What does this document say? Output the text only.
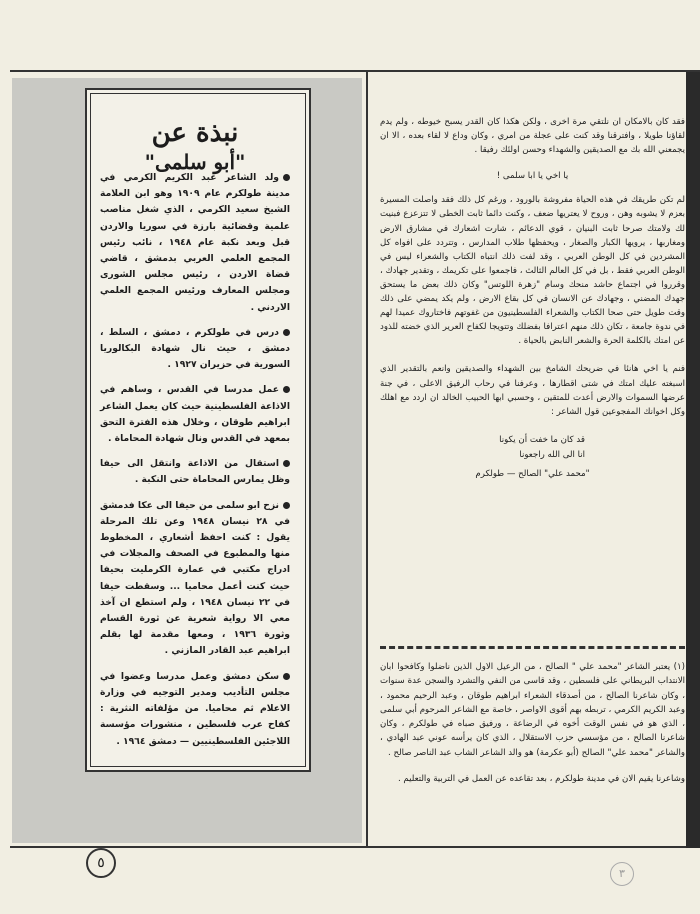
فقد كان بالامكان ان نلتقي مرة اخرى ، ولكن هكذا كان القدر يسبح خيوطه ، ولم يدم لقاؤنا طويلا ، وافترقنا وقد كنت على عجلة من امري ، وكان وداع لا لقاء بعده ، الا ان يجمعني الله بك مع الصديقين والشهداء وحسن اولئك رفيقا .

يا اخي يا ابا سلمى !

لم تكن طريقك في هذه الحياة مفروشة بالورود ، ورغم كل ذلك فقد واصلت المسيرة بعزم لا يشوبه وهن ، وروح لا يعتريها ضعف ، وكنت دائما ثابت الخطى لا تتزعزع فبنيت لك ولامتك صرحا ثابت البنيان ، قوي الدعائم ، شارت اشعارك في مشارق الارض ومغاربها ، يرويها الكبار والصغار ، ويحفظها طلاب المدارس ، وتتردد على افواه كل المشردين في كل الوطن العربي ، وقد لفت ذلك انتباه الكتاب والشعراء ليس في الوطن العربي فقط ، بل في كل العالم الثالث ، فاجمعوا على تكريمك ، وتقدير جهادك ، وقرروا في اجتماع حاشد منحك وسام "زهرة اللوتس" وكان ذلك بعض ما يستحق جهدك المضني ، وجهادك عن الانسان في كل بقاع الارض ، ولم يكد يمضي على ذلك وقت طويل حتى صحا الكتاب والشعراء الفلسطينيون من غفوتهم فاختاروك عميدا لهم في ندوة جامعة ، تكان ذلك منهم اعترافا بفضلك وتتويجا لكفاح العرير الذي خضته للذود عن امتك بالكلمة الحرة والشعر النابض بالحياة .

فنم يا اخي هانئا في ضريحك الشامخ بين الشهداء والصديقين وانعم بالتقدير الذي اسبغته عليك امتك في شتى اقطارها ، وعرفنا في رحاب الرفيق الاعلى ، في جنة عرضها السموات والارض أعدت للمتقين ، وحسبي ابها الحبيب الخالد ان اردد مع اهلك وكل اخوانك المفجوعين قول الشاعر :

قد كان ما خفت أن يكونا

انا الى الله راجعونا

"محمد علي" الصالح — طولكرم

(١) يعتبر الشاعر "محمد علي " الصالح ، من الرعيل الاول الذين ناضلوا وكافحوا ابان الانتداب البريطاني على فلسطين ، وقد قاسى من النفي والتشرد والسجن عدة سنوات ، وكان شاعرنا الصالح ، من أصدقاء الشعراء ابراهيم طوقان ، وعبد الرحيم محمود ، وعبد الكريم الكرمي ، تربطه بهم أقوى الاواصر ، خاصة مع الشاعر المرحوم أبي سلمى ، الذي هو في نفس الوقت أخوه في الرضاعة ، ورفيق صباه في طولكرم ، وكان شاعرنا الصالح ، من مؤسسي حزب الاستقلال ، الذي كان يرأسه عوني عبد الهادي ، والشاعر "محمد علي" الصالح (أبو عكرمة) هو والد الشاعر الشاب عبد الناصر صالح .

وشاعرنا يقيم الان في مدينة طولكرم ، بعد تقاعده عن العمل في التربية والتعليم .

نبذة عن
"أبو سلمى"

ولد الشاعر عبد الكريم الكرمي في مدينة طولكرم عام ١٩٠٩ وهو ابن العلامة الشيخ سعيد الكرمي ، الذي شغل مناصب علمية وقضائية بارزة في سوريا والاردن قبل وبعد نكبة عام ١٩٤٨ ، نائب رئيس المجمع العلمي العربي بدمشق ، قاضي قضاة الاردن ، رئيس مجلس الشورى ومجلس المعارف ورئيس المجمع العلمي الاردني .

درس في طولكرم ، دمشق ، السلط ، دمشق ، حيث نال شهادة البكالوريا السورية في حزيران ١٩٢٧ .

عمل مدرسا في القدس ، وساهم في الاذاعة الفلسطينية حيث كان يعمل الشاعر ابراهيم طوقان ، وخلال هذه الفترة التحق بمعهد في القدس ونال شهادة المحاماة .

استقال من الاذاعة وانتقل الى حيفا وظل يمارس المحاماة حتى النكبة .

نزح ابو سلمى من حيفا الى عكا فدمشق في ٢٨ نيسان ١٩٤٨ وعن تلك المرحلة يقول : كنت احفظ أشعاري ، المخطوط منها والمطبوع في الصحف والمجلات في ادراج مكتبي في عمارة الكرمليت بحيفا حيث كنت أعمل محاميا ... وسقطت حيفا في ٢٢ نيسان ١٩٤٨ ، ولم استطع ان آخذ معي الا رواية شعرية عن ثورة القسام وثورة ١٩٣٦ ، ومعها مقدمة لها بقلم ابراهيم عبد القادر المازني .

سكن دمشق وعمل مدرسا وعضوا في مجلس التأديب ومدير التوجيه في وزارة الاعلام ثم محاميا. من مؤلفاته النثرية : كفاح عرب فلسطين ، منشورات مؤسسة اللاجئين الفلسطينيين — دمشق ١٩٦٤ .

٥
٣
